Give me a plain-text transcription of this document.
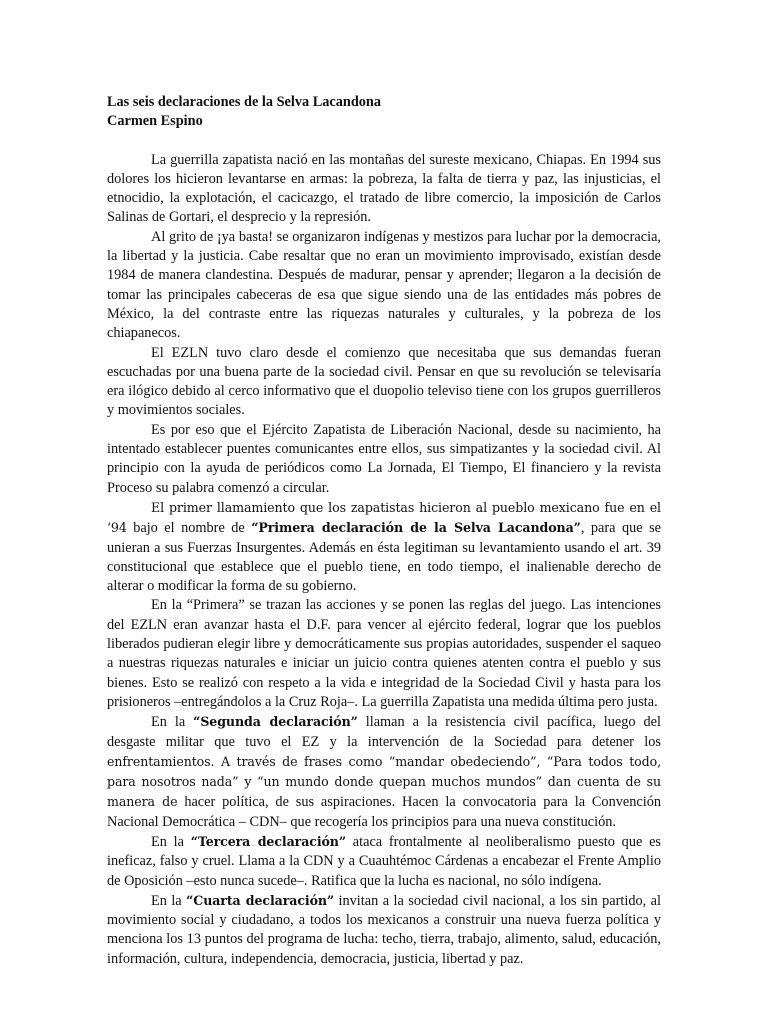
Las seis declaraciones de la Selva Lacandona

Carmen Espino

La guerrilla zapatista nació en las montañas del sureste mexicano, Chiapas. En 1994 sus dolores los hicieron levantarse en armas: la pobreza, la falta de tierra y paz, las injusticias, el etnocidio, la explotación, el cacicazgo, el tratado de libre comercio, la imposición de Carlos Salinas de Gortari, el desprecio y la represión.

Al grito de ¡ya basta! se organizaron indígenas y mestizos para luchar por la democracia, la libertad y la justicia. Cabe resaltar que no eran un movimiento improvisado, existían desde 1984 de manera clandestina. Después de madurar, pensar y aprender; llegaron a la decisión de tomar las principales cabeceras de esa que sigue siendo una de las entidades más pobres de México, la del contraste entre las riquezas naturales y culturales, y la pobreza de los chiapanecos.

El EZLN tuvo claro desde el comienzo que necesitaba que sus demandas fueran escuchadas por una buena parte de la sociedad civil. Pensar en que su revolución se televisaría era ilógico debido al cerco informativo que el duopolio televiso tiene con los grupos guerrilleros y movimientos sociales.

Es por eso que el Ejército Zapatista de Liberación Nacional, desde su nacimiento, ha intentado establecer puentes comunicantes entre ellos, sus simpatizantes y la sociedad civil. Al principio con la ayuda de periódicos como La Jornada, El Tiempo, El financiero y la revista Proceso su palabra comenzó a circular.

El primer llamamiento que los zapatistas hicieron al pueblo mexicano fue en el ‘94 bajo el nombre de “Primera declaración de la Selva Lacandona”, para que se unieran a sus Fuerzas Insurgentes. Además en ésta legitiman su levantamiento usando el art. 39 constitucional que establece que el pueblo tiene, en todo tiempo, el inalienable derecho de alterar o modificar la forma de su gobierno.

En la “Primera” se trazan las acciones y se ponen las reglas del juego. Las intenciones del EZLN eran avanzar hasta el D.F. para vencer al ejército federal, lograr que los pueblos liberados pudieran elegir libre y democráticamente sus propias autoridades, suspender el saqueo a nuestras riquezas naturales e iniciar un juicio contra quienes atenten contra el pueblo y sus bienes. Esto se realizó con respeto a la vida e integridad de la Sociedad Civil y hasta para los prisioneros –entregándolos a la Cruz Roja–. La guerrilla Zapatista una medida última pero justa.

En la “Segunda declaración” llaman a la resistencia civil pacífica, luego del desgaste militar que tuvo el EZ y la intervención de la Sociedad para detener los enfrentamientos. A través de frases como “mandar obedeciendo”, “Para todos todo, para nosotros nada” y “un mundo donde quepan muchos mundos” dan cuenta de su manera de hacer política, de sus aspiraciones. Hacen la convocatoria para la Convención Nacional Democrática – CDN– que recogería los principios para una nueva constitución.

En la “Tercera declaración” ataca frontalmente al neoliberalismo puesto que es ineficaz, falso y cruel. Llama a la CDN y a Cuauhtémoc Cárdenas a encabezar el Frente Amplio de Oposición –esto nunca sucede–. Ratifica que la lucha es nacional, no sólo indígena.

En la “Cuarta declaración” invitan a la sociedad civil nacional, a los sin partido, al movimiento social y ciudadano, a todos los mexicanos a construir una nueva fuerza política y menciona los 13 puntos del programa de lucha: techo, tierra, trabajo, alimento, salud, educación, información, cultura, independencia, democracia, justicia, libertad y paz.
